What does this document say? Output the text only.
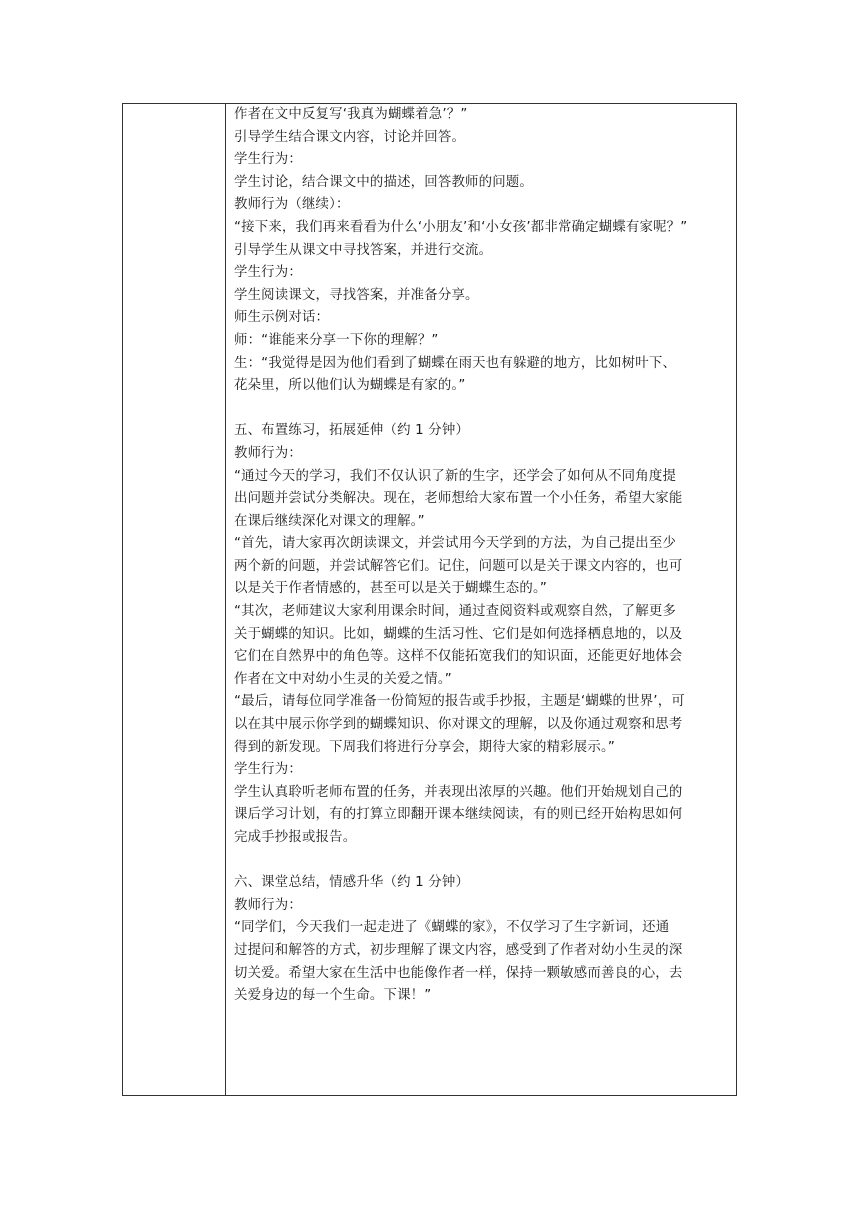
作者在文中反复写‘我真为蝴蝶着急’？”
引导学生结合课文内容，讨论并回答。
学生行为：
学生讨论，结合课文中的描述，回答教师的问题。
教师行为（继续）：
“接下来，我们再来看看为什么‘小朋友’和‘小女孩’都非常确定蝴蝶有家呢？”
引导学生从课文中寻找答案，并进行交流。
学生行为：
学生阅读课文，寻找答案，并准备分享。
师生示例对话：
师：“谁能来分享一下你的理解？”
生：“我觉得是因为他们看到了蝴蝶在雨天也有躲避的地方，比如树叶下、
花朵里，所以他们认为蝴蝶是有家的。”
五、布置练习，拓展延伸（约 1 分钟）
教师行为：
“通过今天的学习，我们不仅认识了新的生字，还学会了如何从不同角度提
出问题并尝试分类解决。现在，老师想给大家布置一个小任务，希望大家能
在课后继续深化对课文的理解。”
“首先，请大家再次朗读课文，并尝试用今天学到的方法，为自己提出至少
两个新的问题，并尝试解答它们。记住，问题可以是关于课文内容的，也可
以是关于作者情感的，甚至可以是关于蝴蝶生态的。”
“其次，老师建议大家利用课余时间，通过查阅资料或观察自然，了解更多
关于蝴蝶的知识。比如，蝴蝶的生活习性、它们是如何选择栖息地的，以及
它们在自然界中的角色等。这样不仅能拓宽我们的知识面，还能更好地体会
作者在文中对幼小生灵的关爱之情。”
“最后，请每位同学准备一份简短的报告或手抄报，主题是‘蝴蝶的世界’，可
以在其中展示你学到的蝴蝶知识、你对课文的理解，以及你通过观察和思考
得到的新发现。下周我们将进行分享会，期待大家的精彩展示。”
学生行为：
学生认真聆听老师布置的任务，并表现出浓厚的兴趣。他们开始规划自己的
课后学习计划，有的打算立即翻开课本继续阅读，有的则已经开始构思如何
完成手抄报或报告。
六、课堂总结，情感升华（约 1 分钟）
教师行为：
“同学们，今天我们一起走进了《蝴蝶的家》，不仅学习了生字新词，还通
过提问和解答的方式，初步理解了课文内容，感受到了作者对幼小生灵的深
切关爱。希望大家在生活中也能像作者一样，保持一颗敏感而善良的心，去
关爱身边的每一个生命。下课！”
